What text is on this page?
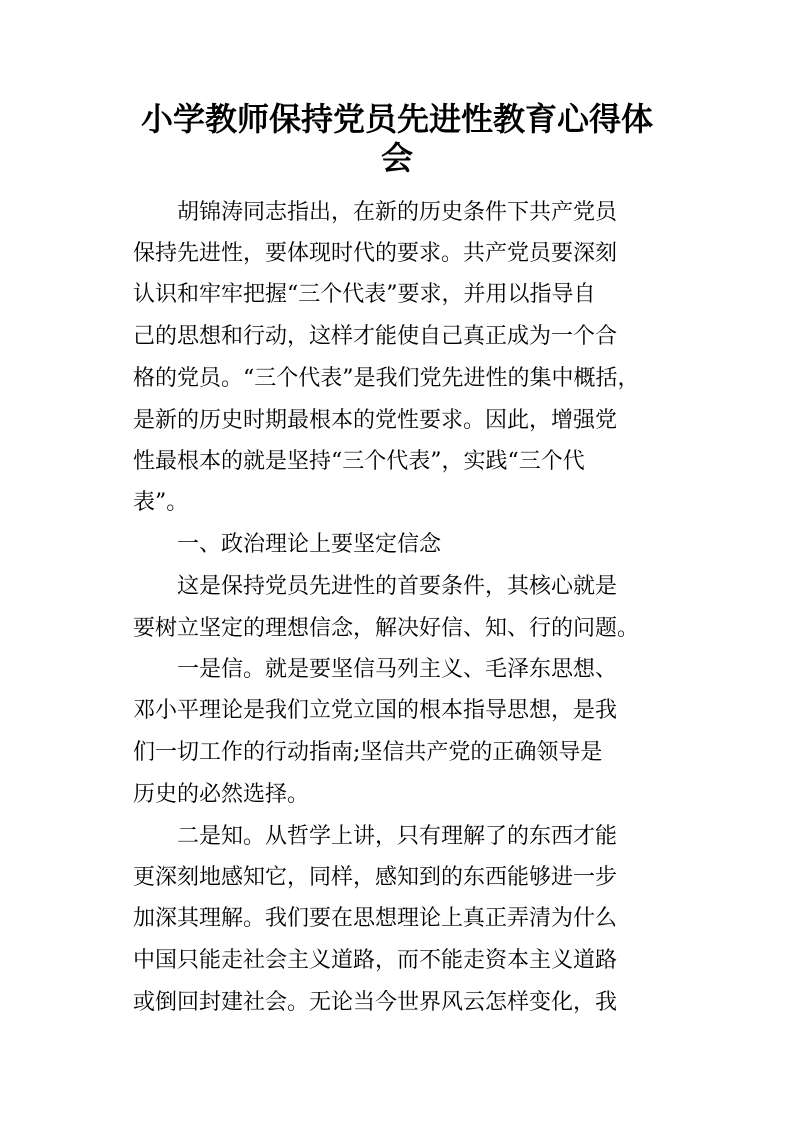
小学教师保持党员先进性教育心得体
会

　　胡锦涛同志指出，在新的历史条件下共产党员

保持先进性，要体现时代的要求。共产党员要深刻

认识和牢牢把握“三个代表”要求，并用以指导自

己的思想和行动，这样才能使自己真正成为一个合

格的党员。“三个代表”是我们党先进性的集中概括，

是新的历史时期最根本的党性要求。因此，增强党

性最根本的就是坚持“三个代表”，实践“三个代

表”。

　　一、政治理论上要坚定信念

　　这是保持党员先进性的首要条件，其核心就是

要树立坚定的理想信念，解决好信、知、行的问题。

　　一是信。就是要坚信马列主义、毛泽东思想、

邓小平理论是我们立党立国的根本指导思想，是我

们一切工作的行动指南;坚信共产党的正确领导是

历史的必然选择。

　　二是知。从哲学上讲，只有理解了的东西才能

更深刻地感知它，同样，感知到的东西能够进一步

加深其理解。我们要在思想理论上真正弄清为什么

中国只能走社会主义道路，而不能走资本主义道路

或倒回封建社会。无论当今世界风云怎样变化，我
